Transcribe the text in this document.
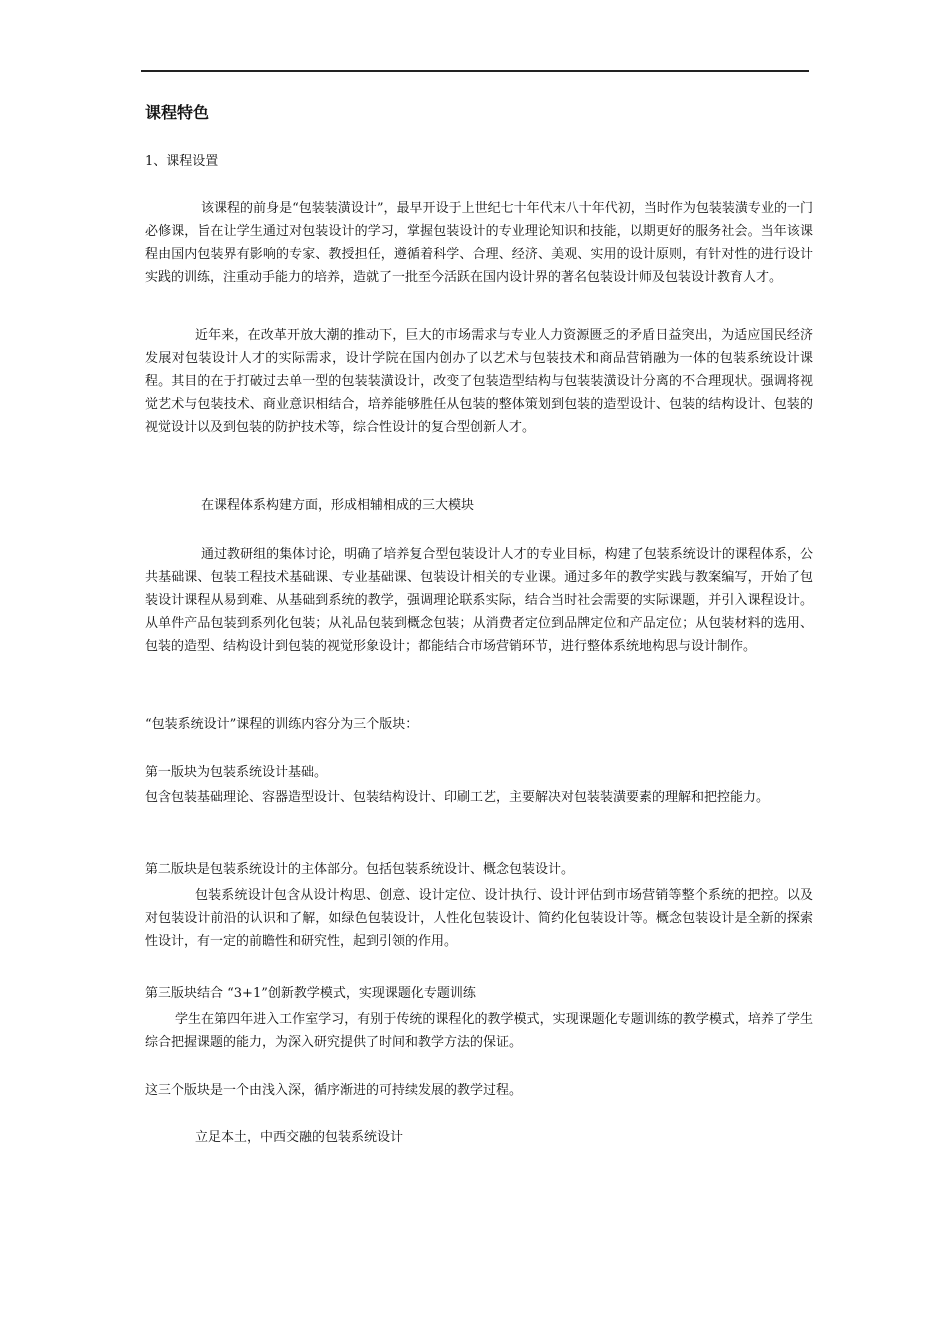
课程特色

1、课程设置

该课程的前身是“包装装潢设计”，最早开设于上世纪七十年代末八十年代初，当时作为包装装潢专业的一门必修课，旨在让学生通过对包装设计的学习，掌握包装设计的专业理论知识和技能，以期更好的服务社会。当年该课程由国内包装界有影响的专家、教授担任，遵循着科学、合理、经济、美观、实用的设计原则，有针对性的进行设计实践的训练，注重动手能力的培养，造就了一批至今活跃在国内设计界的著名包装设计师及包装设计教育人才。

近年来，在改革开放大潮的推动下，巨大的市场需求与专业人力资源匮乏的矛盾日益突出，为适应国民经济发展对包装设计人才的实际需求，设计学院在国内创办了以艺术与包装技术和商品营销融为一体的包装系统设计课程。其目的在于打破过去单一型的包装装潢设计，改变了包装造型结构与包装装潢设计分离的不合理现状。强调将视觉艺术与包装技术、商业意识相结合，培养能够胜任从包装的整体策划到包装的造型设计、包装的结构设计、包装的视觉设计以及到包装的防护技术等，综合性设计的复合型创新人才。

在课程体系构建方面，形成相辅相成的三大模块

通过教研组的集体讨论，明确了培养复合型包装设计人才的专业目标，构建了包装系统设计的课程体系，公共基础课、包装工程技术基础课、专业基础课、包装设计相关的专业课。通过多年的教学实践与教案编写，开始了包装设计课程从易到难、从基础到系统的教学，强调理论联系实际，结合当时社会需要的实际课题，并引入课程设计。从单件产品包装到系列化包装；从礼品包装到概念包装；从消费者定位到品牌定位和产品定位；从包装材料的选用、包装的造型、结构设计到包装的视觉形象设计；都能结合市场营销环节，进行整体系统地构思与设计制作。

“包装系统设计”课程的训练内容分为三个版块：

第一版块为包装系统设计基础。

包含包装基础理论、容器造型设计、包装结构设计、印刷工艺，主要解决对包装装潢要素的理解和把控能力。

第二版块是包装系统设计的主体部分。包括包装系统设计、概念包装设计。

包装系统设计包含从设计构思、创意、设计定位、设计执行、设计评估到市场营销等整个系统的把控。以及对包装设计前沿的认识和了解，如绿色包装设计，人性化包装设计、简约化包装设计等。概念包装设计是全新的探索性设计，有一定的前瞻性和研究性，起到引领的作用。

第三版块结合 “3+1”创新教学模式，实现课题化专题训练

学生在第四年进入工作室学习，有别于传统的课程化的教学模式，实现课题化专题训练的教学模式，培养了学生综合把握课题的能力，为深入研究提供了时间和教学方法的保证。

这三个版块是一个由浅入深，循序渐进的可持续发展的教学过程。

立足本土，中西交融的包装系统设计
